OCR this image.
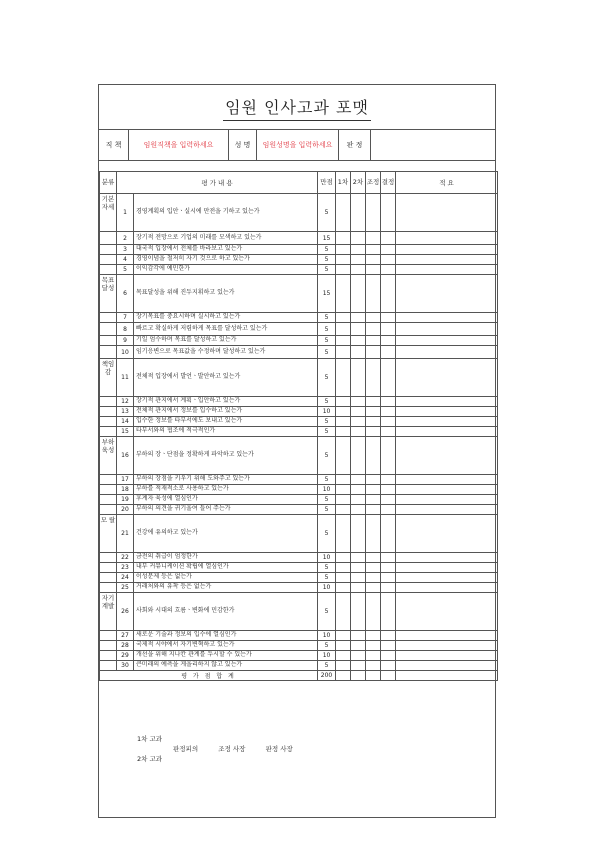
임원 인사고과 포맷
직 책	임원직책을 입력하세요	성 명	임원성명을 입력하세요	판 정
분류	평 가 내 용		만점	1차	2차	조정	결정	적 요
기본자세	1	경영계획의 입안ㆍ실시에 만전을 기하고 있는가	5					
	2	장기적 전망으로 기업의 미래를 모색하고 있는가	15					
	3	대국적 입장에서 전체를 바라보고 있는가	5					
	4	경영이념을 철저히 자기 것으로 하고 있는가	5					
	5	이익감각에 예민한가	5					
목표달성	6	목표달성을 위해 진두지휘하고 있는가	15					
	7	장기목표를 중요시하며 실시하고 있는가	5					
	8	빠르고 확실하게 저렴하게 목표를 달성하고 있는가	5					
	9	기일 엄수하며 목표를 달성하고 있는가	5					
	10	임기응변으로 목표값을 수정하며 달성하고 있는가	5					
책임감	11	전체적 입장에서 발언ㆍ발안하고 있는가	5					
	12	장기적 관지에서 계획ㆍ입안하고 있는가	5					
	13	전체적 관지에서 정보를 입수하고 있는가	10					
	14	입수한 정보를 타부서에도 보내고 있는가	5					
	15	타부서와의 협조에 적극적인가	5					
부하육성	16	부하의 장ㆍ단점을 정확하게 파악하고 있는가	5					
	17	부하의 장점을 키우기 위해 도와주고 있는가	5					
	18	부하를 적재적소로 사용하고 있는가	10					
	19	후계자 육성에 열심인가	5					
	20	부하의 의견을 귀기울여 들어 주는가	5					
모 랄	21	건강에 유의하고 있는가	5					
	22	금전의 취급이 엄정한가	10					
	23	내부 커뮤니케이션 확립에 열심인가	5					
	24	이성문제 등은 없는가	5					
	25	거래처와의 유착 등은 없는가	10					
자기계발	26	사회와 시대의 흐름ㆍ변화에 민감한가	5					
	27	새로운 기술과 정보의 입수에 열심인가	10					
	28	국제적 시야에서 자기변혁하고 있는가	5					
	29	개선을 위해 지나칸 관계를 두시할 수 있는가	10					
	30	큰미래의 예측을 게을리하지 않고 있는가	5					
평 가 점 합 계			200					
1차 고과
판정피의	조정 사장	판정 사장
2차 고과
